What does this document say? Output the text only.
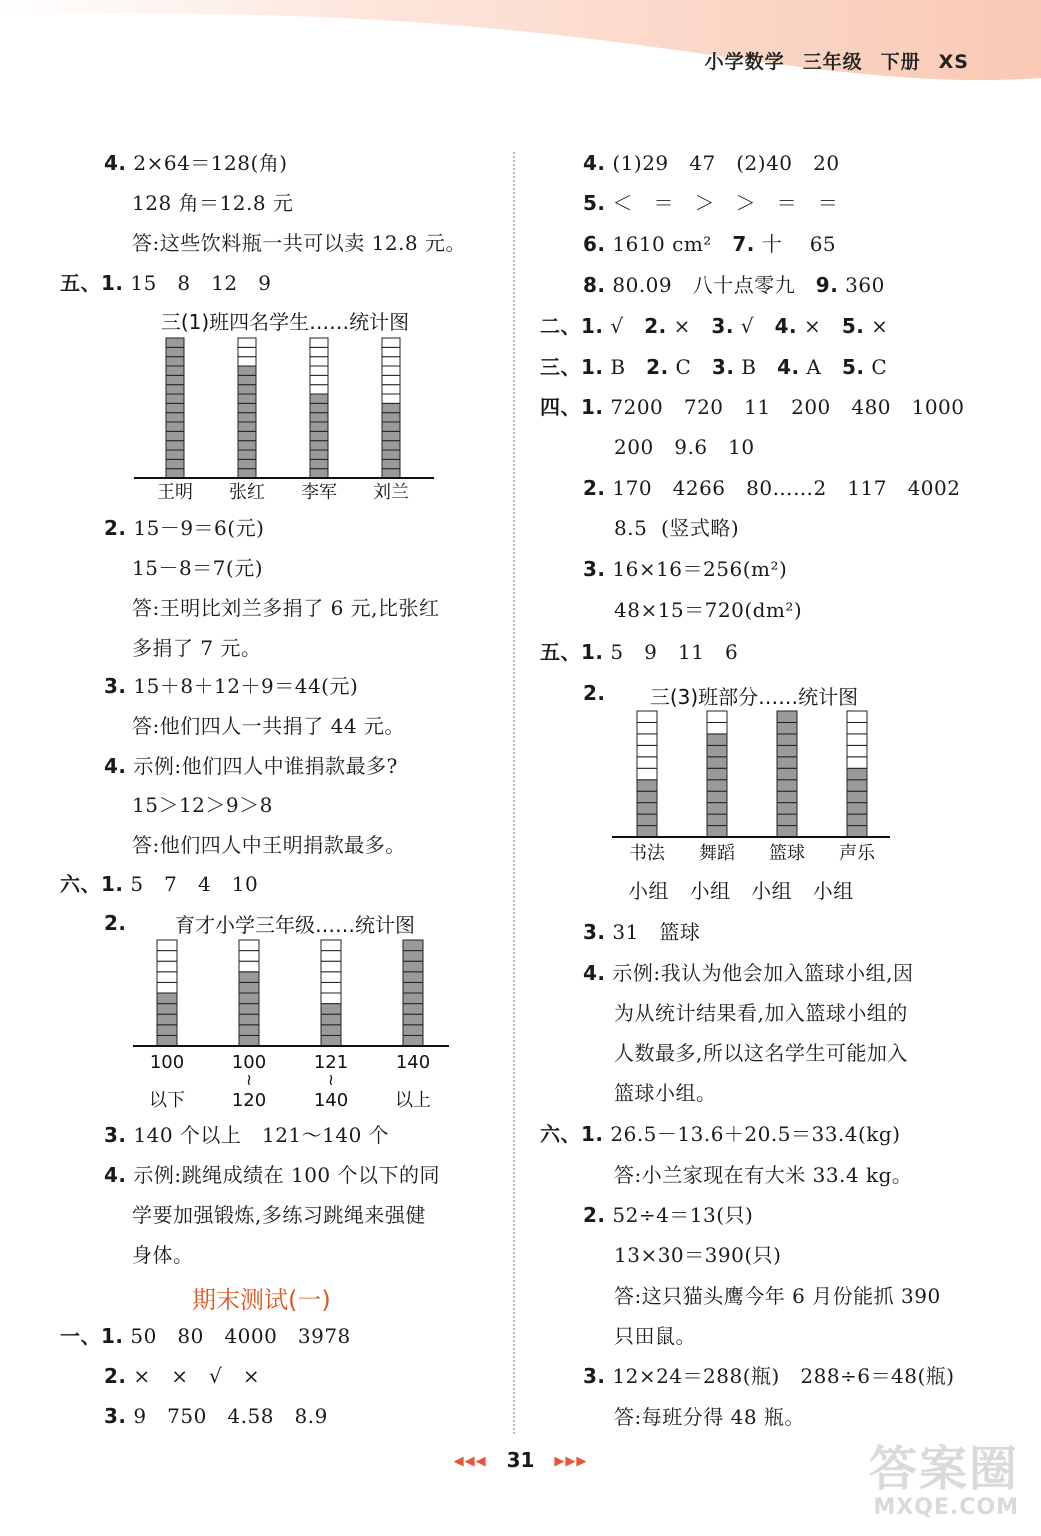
小学数学 三年级 下册 XS
4. 2×64＝128(角)
128 角＝12.8 元
答:这些饮料瓶一共可以卖 12.8 元。
五、1. 15   8   12   9
三(1)班四名学生……统计图
王明 张红 李军 刘兰
2. 15－9＝6(元)
15－8＝7(元)
答:王明比刘兰多捐了 6 元,比张红
多捐了 7 元。
3. 15＋8＋12＋9＝44(元)
答:他们四人一共捐了 44 元。
4. 示例:他们四人中谁捐款最多?
15＞12＞9＞8
答:他们四人中王明捐款最多。
六、1. 5   7   4   10
2. 育才小学三年级……统计图
100
以下
100
120
≀
121
140
≀
140
以上
3. 140 个以上   121～140 个
4. 示例:跳绳成绩在 100 个以下的同
学要加强锻炼,多练习跳绳来强健
身体。
期末测试(一)
一、1. 50   80   4000   3978
2. ×   ×   √   ×
3. 9   750   4.58   8.9
4. (1)29   47   (2)40   20
5. ＜   ＝   ＞   ＞   ＝   ＝
6. 1610 cm²   7. 十    65
8. 80.09   八十点零九   9. 360
二、1. √   2. ×   3. √   4. ×   5. ×
三、1. B   2. C   3. B   4. A   5. C
四、1. 7200   720   11   200   480   1000
200   9.6   10
2. 170   4266   80……2   117   4002
8.5  (竖式略)
3. 16×16＝256(m²)
48×15＝720(dm²)
五、1. 5   9   11   6
2. 三(3)班部分……统计图
书法 舞蹈 篮球 声乐
小组   小组   小组   小组
3. 31   篮球
4. 示例:我认为他会加入篮球小组,因
为从统计结果看,加入篮球小组的
人数最多,所以这名学生可能加入
篮球小组。
六、1. 26.5－13.6＋20.5＝33.4(kg)
答:小兰家现在有大米 33.4 kg。
2. 52÷4＝13(只)
13×30＝390(只)
答:这只猫头鹰今年 6 月份能抓 390
只田鼠。
3. 12×24＝288(瓶)   288÷6＝48(瓶)
答:每班分得 48 瓶。
◀◀◀ 31 ▶▶▶	答案圈
MXQE.COM
